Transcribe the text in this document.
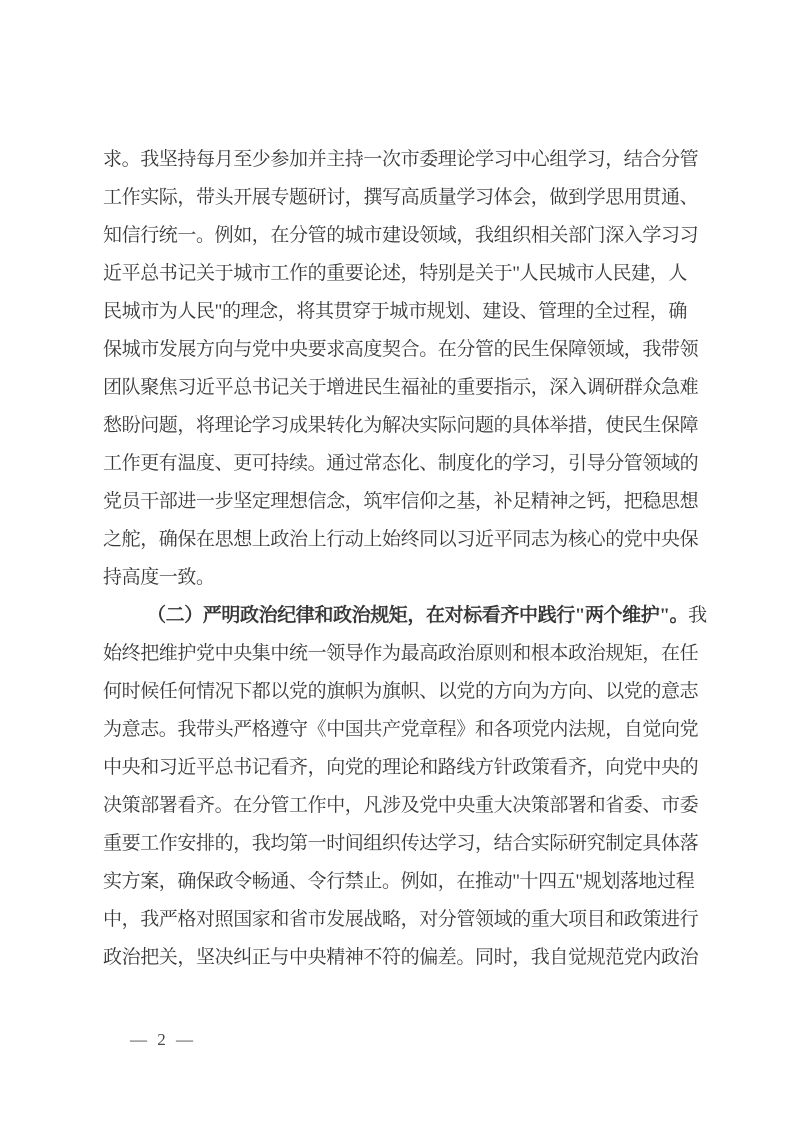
求。我坚持每月至少参加并主持一次市委理论学习中心组学习，结合分管
工作实际，带头开展专题研讨，撰写高质量学习体会，做到学思用贯通、
知信行统一。例如，在分管的城市建设领域，我组织相关部门深入学习习
近平总书记关于城市工作的重要论述，特别是关于"人民城市人民建，人
民城市为人民"的理念，将其贯穿于城市规划、建设、管理的全过程，确
保城市发展方向与党中央要求高度契合。在分管的民生保障领域，我带领
团队聚焦习近平总书记关于增进民生福祉的重要指示，深入调研群众急难
愁盼问题，将理论学习成果转化为解决实际问题的具体举措，使民生保障
工作更有温度、更可持续。通过常态化、制度化的学习，引导分管领域的
党员干部进一步坚定理想信念，筑牢信仰之基，补足精神之钙，把稳思想
之舵，确保在思想上政治上行动上始终同以习近平同志为核心的党中央保
持高度一致。
（二）严明政治纪律和政治规矩，在对标看齐中践行"两个维护"。我
始终把维护党中央集中统一领导作为最高政治原则和根本政治规矩，在任
何时候任何情况下都以党的旗帜为旗帜、以党的方向为方向、以党的意志
为意志。我带头严格遵守《中国共产党章程》和各项党内法规，自觉向党
中央和习近平总书记看齐，向党的理论和路线方针政策看齐，向党中央的
决策部署看齐。在分管工作中，凡涉及党中央重大决策部署和省委、市委
重要工作安排的，我均第一时间组织传达学习，结合实际研究制定具体落
实方案，确保政令畅通、令行禁止。例如，在推动"十四五"规划落地过程
中，我严格对照国家和省市发展战略，对分管领域的重大项目和政策进行
政治把关，坚决纠正与中央精神不符的偏差。同时，我自觉规范党内政治
— 2 —
